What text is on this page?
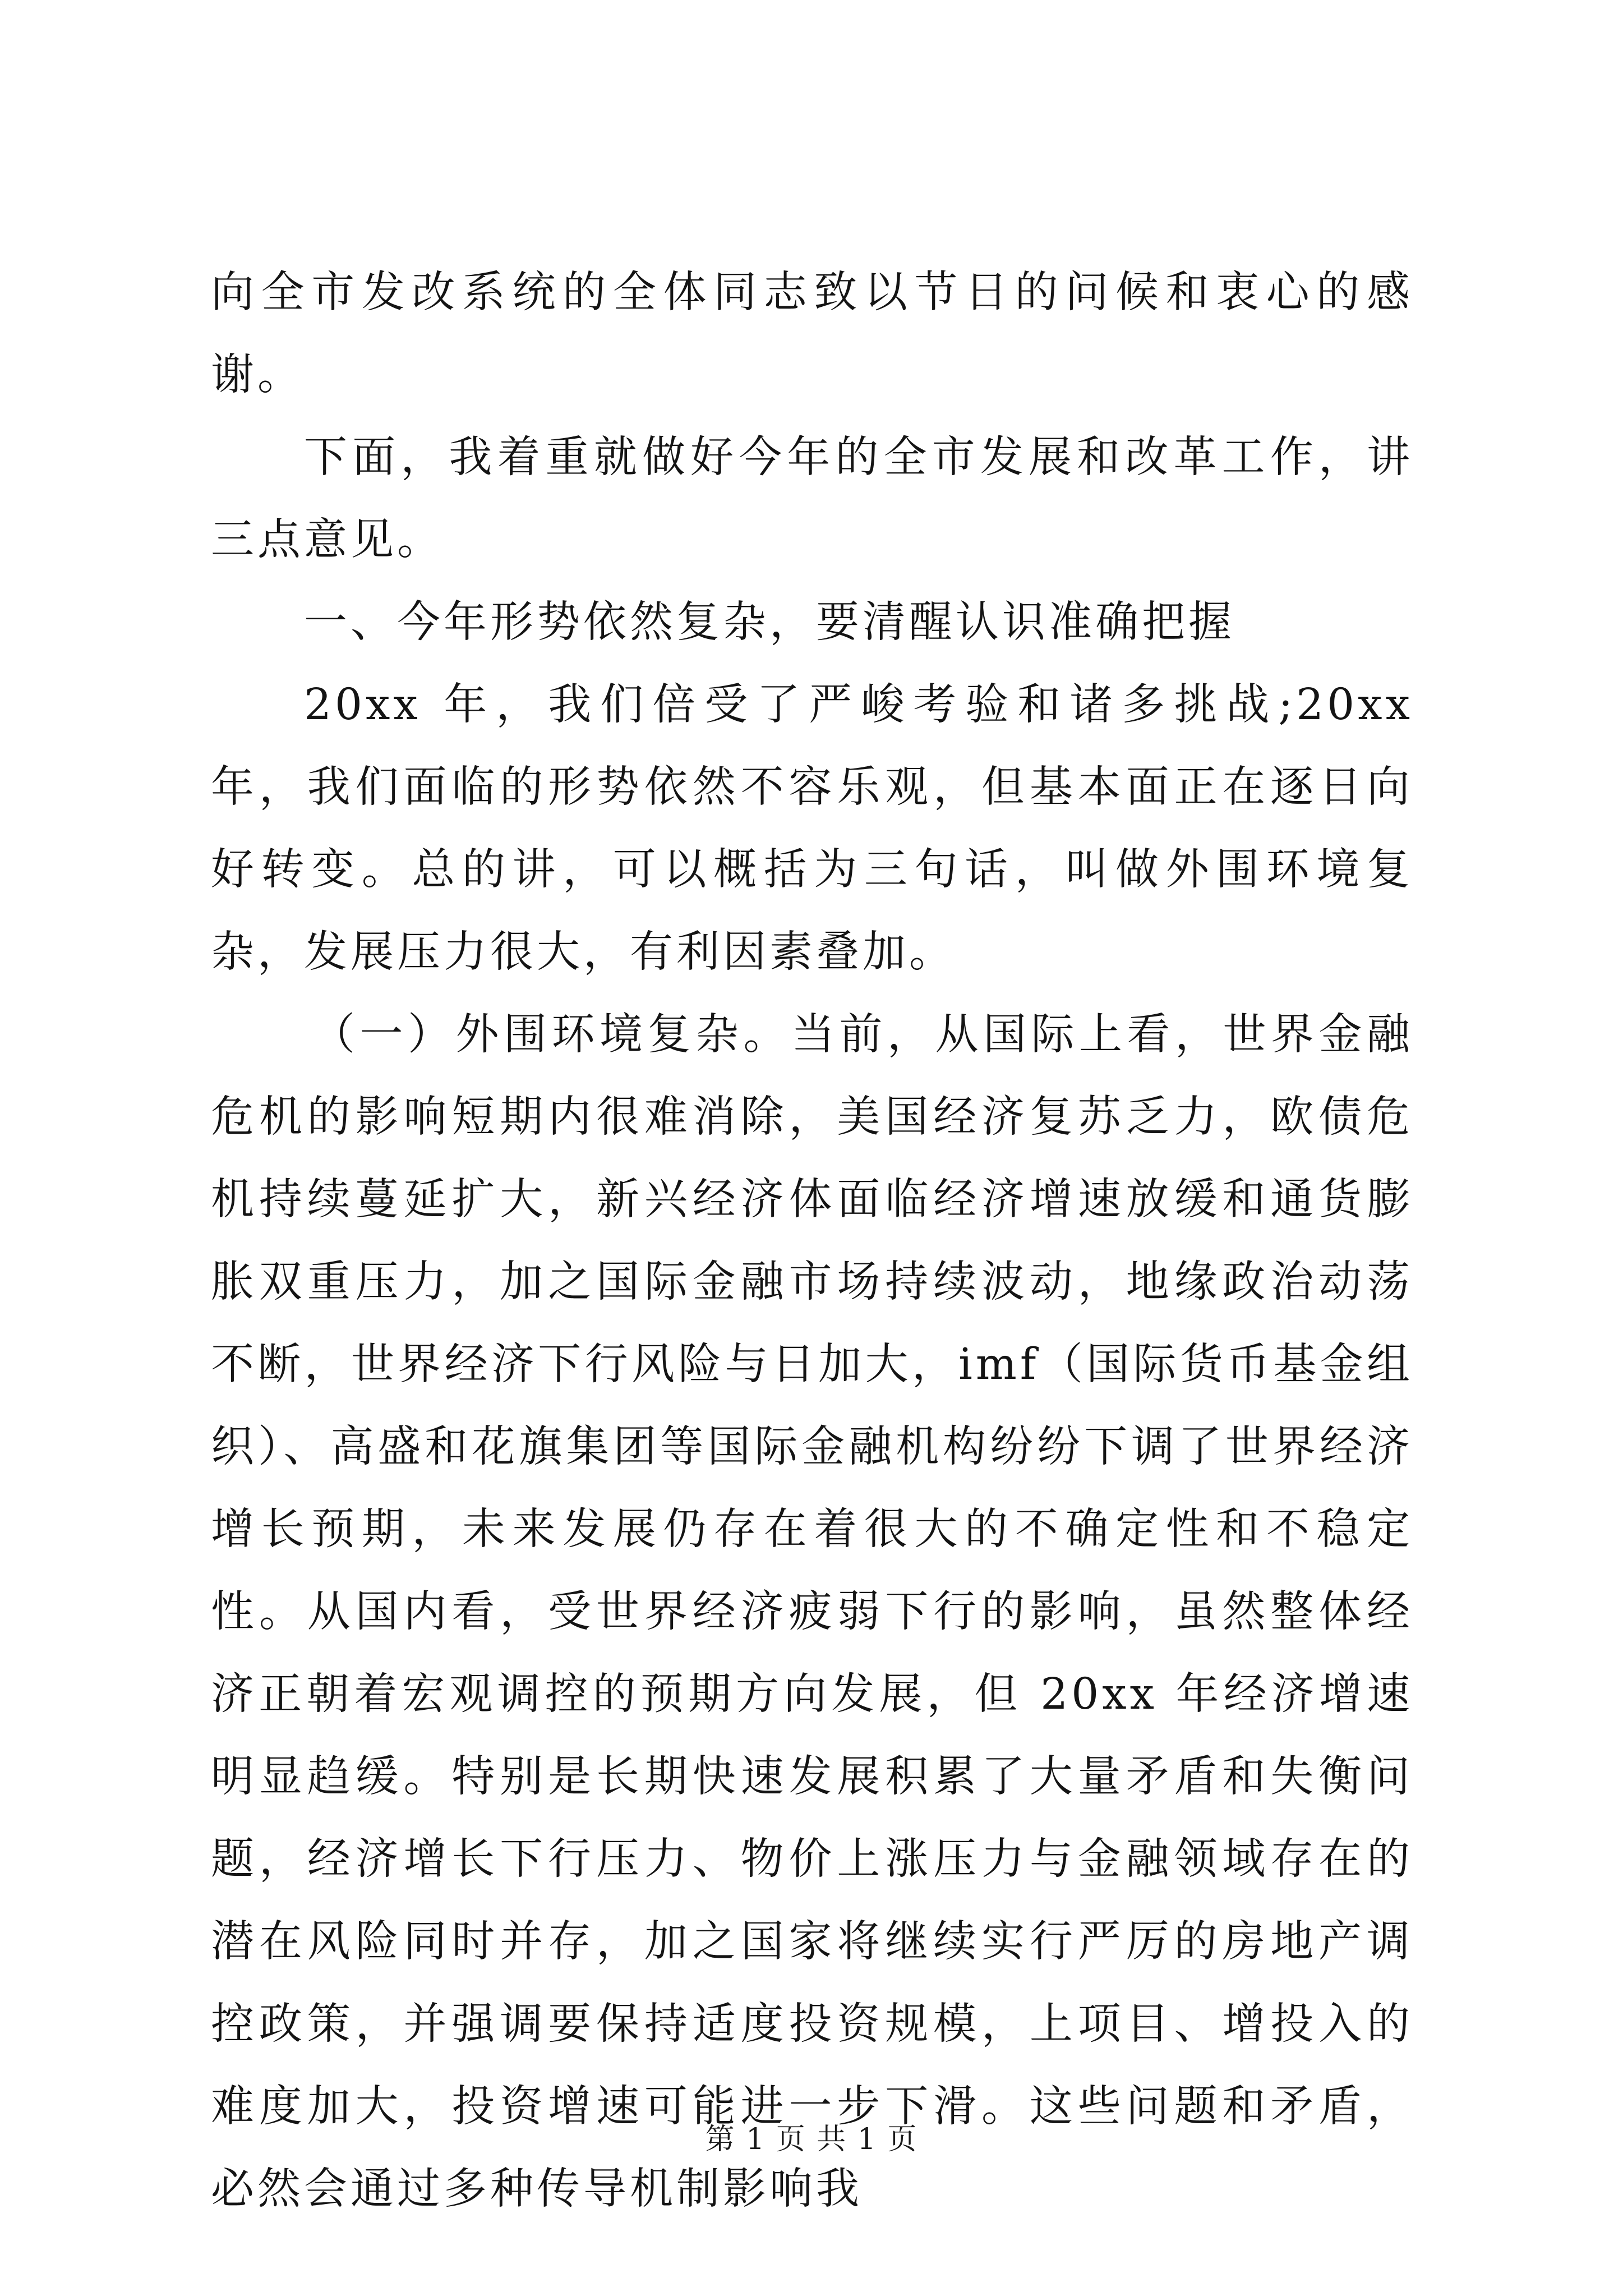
向全市发改系统的全体同志致以节日的问候和衷心的感谢。

下面，我着重就做好今年的全市发展和改革工作，讲三点意见。

一、今年形势依然复杂，要清醒认识准确把握

20xx 年，我们倍受了严峻考验和诸多挑战;20xx 年，我们面临的形势依然不容乐观，但基本面正在逐日向好转变。总的讲，可以概括为三句话，叫做外围环境复杂，发展压力很大，有利因素叠加。

（一）外围环境复杂。当前，从国际上看，世界金融危机的影响短期内很难消除，美国经济复苏乏力，欧债危机持续蔓延扩大，新兴经济体面临经济增速放缓和通货膨胀双重压力，加之国际金融市场持续波动，地缘政治动荡不断，世界经济下行风险与日加大，imf（国际货币基金组织）、高盛和花旗集团等国际金融机构纷纷下调了世界经济增长预期，未来发展仍存在着很大的不确定性和不稳定性。从国内看，受世界经济疲弱下行的影响，虽然整体经济正朝着宏观调控的预期方向发展，但 20xx 年经济增速明显趋缓。特别是长期快速发展积累了大量矛盾和失衡问题，经济增长下行压力、物价上涨压力与金融领域存在的潜在风险同时并存，加之国家将继续实行严厉的房地产调控政策，并强调要保持适度投资规模，上项目、增投入的难度加大，投资增速可能进一步下滑。这些问题和矛盾，必然会通过多种传导机制影响我

第 1 页 共 1 页
